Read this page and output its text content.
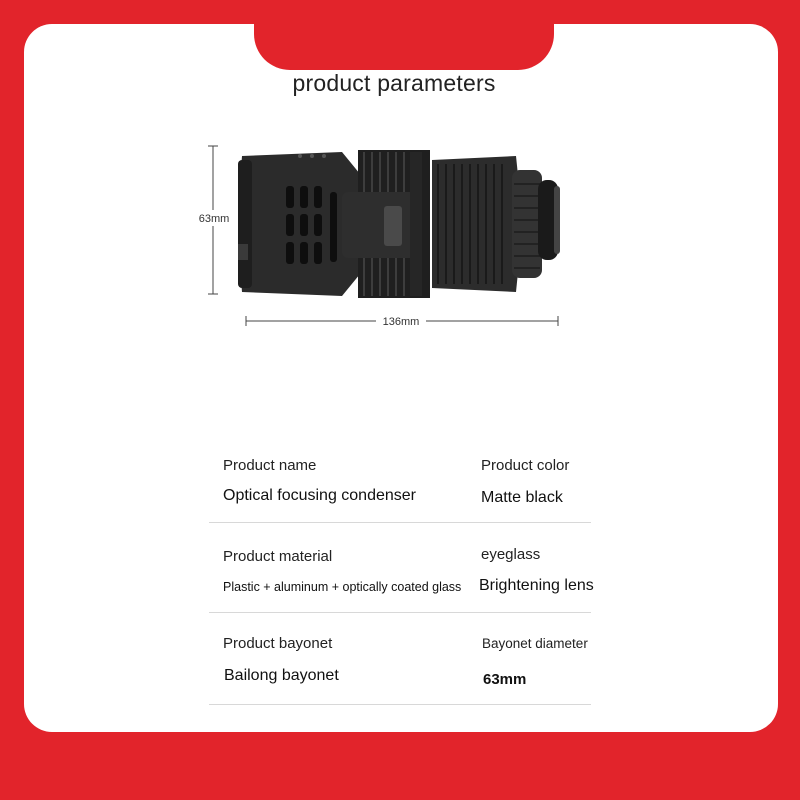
product parameters
63mm
136mm
Product name
Optical focusing condenser
Product color
Matte black
Product material
Plastic + aluminum + optically coated glass
eyeglass
Brightening lens
Product bayonet
Bailong bayonet
Bayonet diameter
63mm
